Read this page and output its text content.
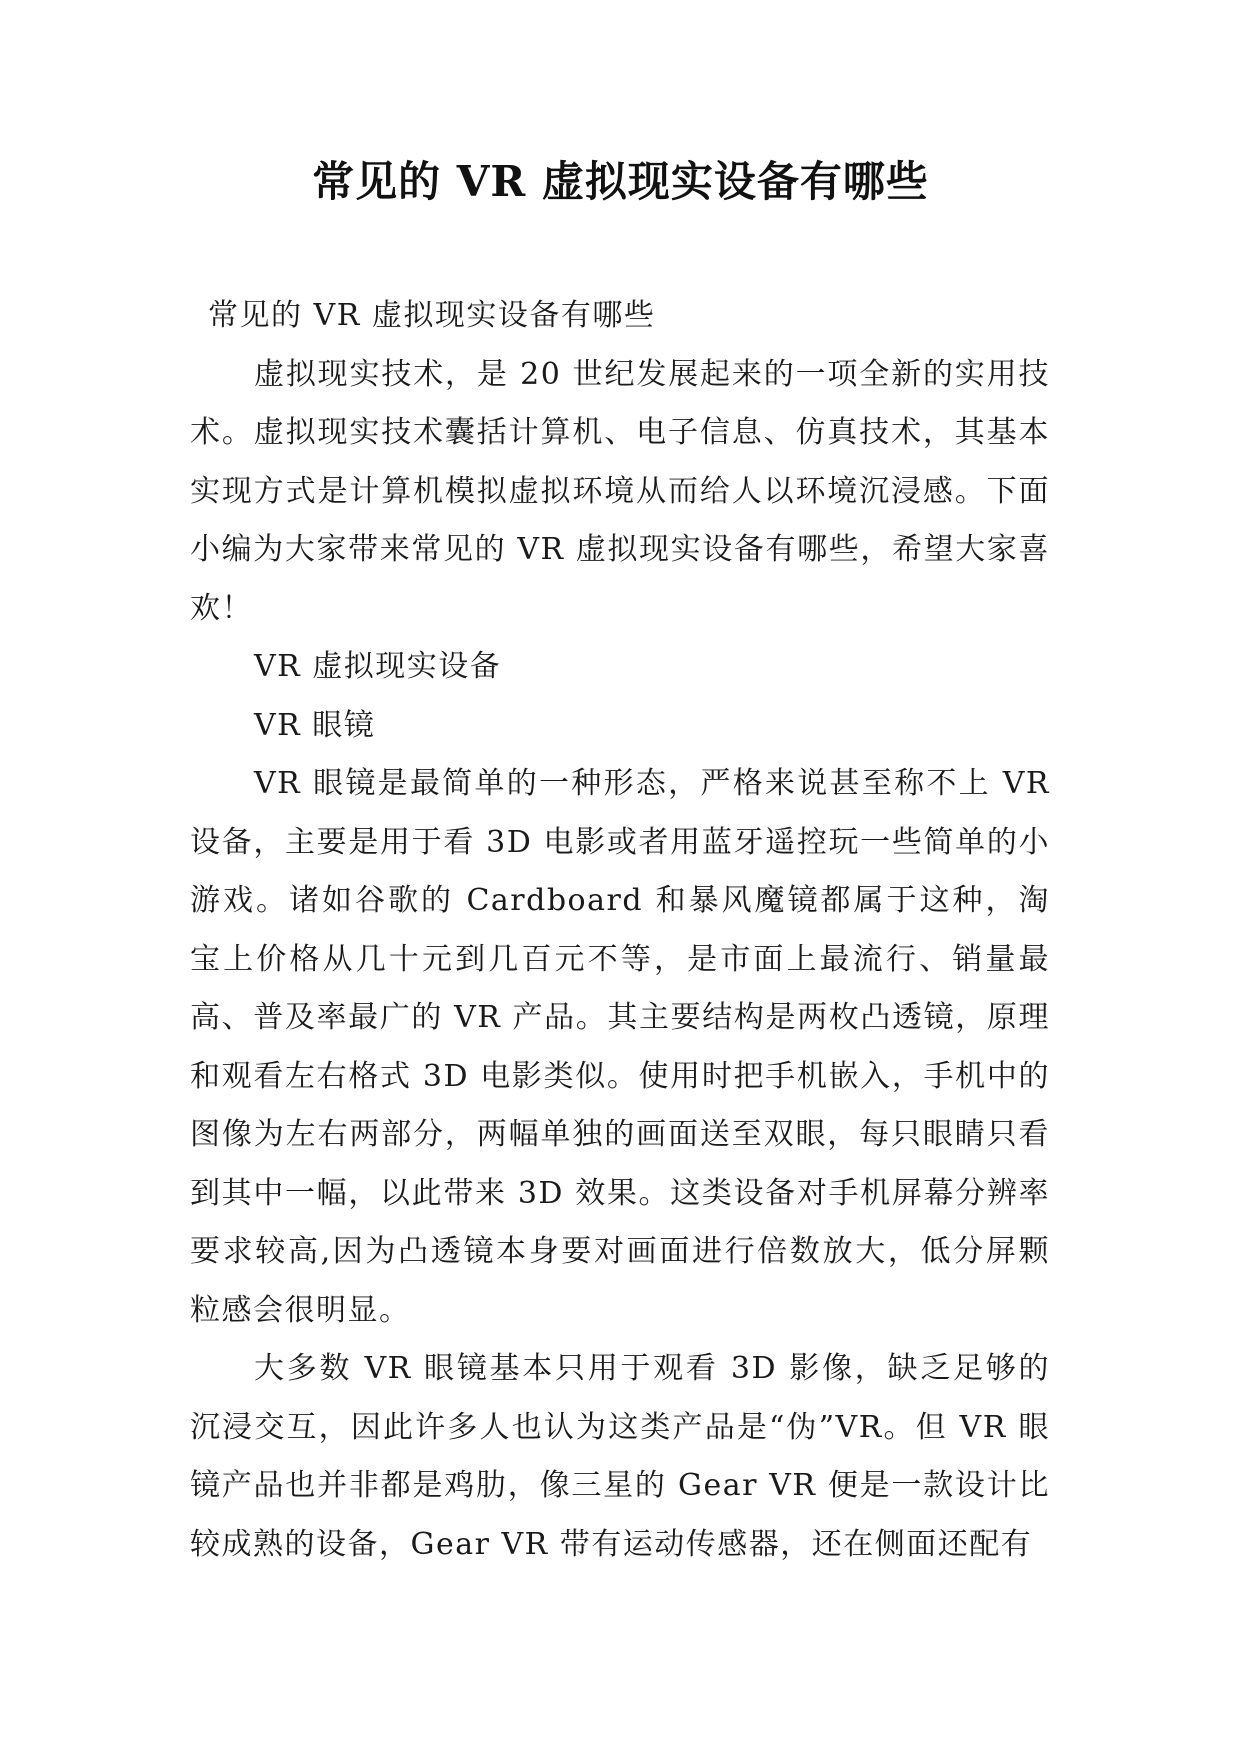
常见的 VR 虚拟现实设备有哪些

常见的 VR 虚拟现实设备有哪些

虚拟现实技术，是 20 世纪发展起来的一项全新的实用技术。虚拟现实技术囊括计算机、电子信息、仿真技术，其基本实现方式是计算机模拟虚拟环境从而给人以环境沉浸感。下面小编为大家带来常见的 VR 虚拟现实设备有哪些，希望大家喜欢！

VR 虚拟现实设备

VR 眼镜

VR 眼镜是最简单的一种形态，严格来说甚至称不上 VR 设备，主要是用于看 3D 电影或者用蓝牙遥控玩一些简单的小游戏。诸如谷歌的 Cardboard 和暴风魔镜都属于这种，淘宝上价格从几十元到几百元不等，是市面上最流行、销量最高、普及率最广的 VR 产品。其主要结构是两枚凸透镜，原理和观看左右格式 3D 电影类似。使用时把手机嵌入，手机中的图像为左右两部分，两幅单独的画面送至双眼，每只眼睛只看到其中一幅，以此带来 3D 效果。这类设备对手机屏幕分辨率要求较高,因为凸透镜本身要对画面进行倍数放大，低分屏颗粒感会很明显。

大多数 VR 眼镜基本只用于观看 3D 影像，缺乏足够的沉浸交互，因此许多人也认为这类产品是“伪”VR。但 VR 眼镜产品也并非都是鸡肋，像三星的 Gear VR 便是一款设计比较成熟的设备，Gear VR 带有运动传感器，还在侧面还配有
